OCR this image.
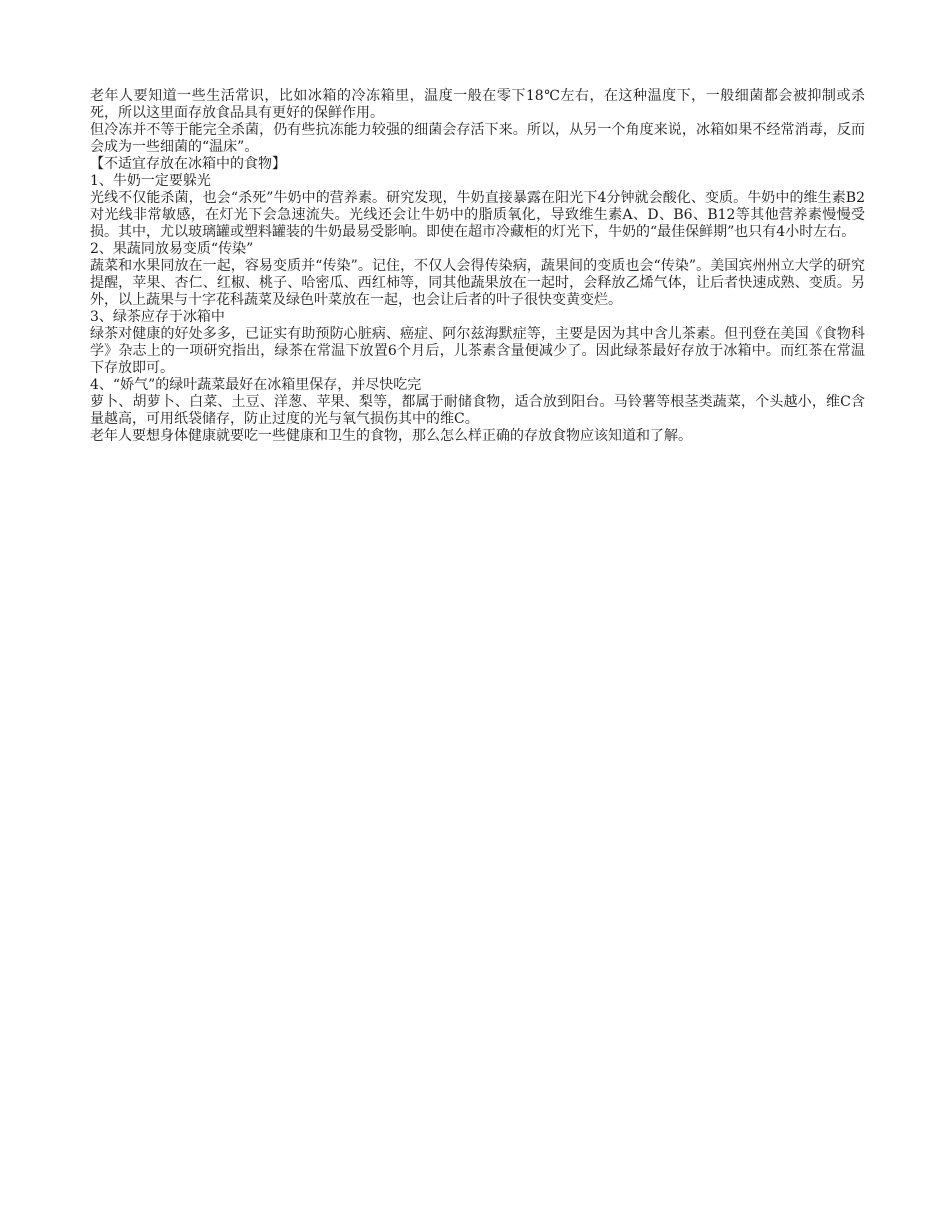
老年人要知道一些生活常识，比如冰箱的冷冻箱里，温度一般在零下18℃左右，在这种温度下，一般细菌都会被抑制或杀死，所以这里面存放食品具有更好的保鲜作用。

但冷冻并不等于能完全杀菌，仍有些抗冻能力较强的细菌会存活下来。所以，从另一个角度来说，冰箱如果不经常消毒，反而会成为一些细菌的“温床”。

【不适宜存放在冰箱中的食物】

1、牛奶一定要躲光

光线不仅能杀菌，也会“杀死”牛奶中的营养素。研究发现，牛奶直接暴露在阳光下4分钟就会酸化、变质。牛奶中的维生素B2对光线非常敏感，在灯光下会急速流失。光线还会让牛奶中的脂质氧化，导致维生素A、D、B6、B12等其他营养素慢慢受损。其中，尤以玻璃罐或塑料罐装的牛奶最易受影响。即使在超市冷藏柜的灯光下，牛奶的“最佳保鲜期”也只有4小时左右。

2、果蔬同放易变质“传染”

蔬菜和水果同放在一起，容易变质并“传染”。记住，不仅人会得传染病，蔬果间的变质也会“传染”。美国宾州州立大学的研究提醒，苹果、杏仁、红椒、桃子、哈密瓜、西红柿等，同其他蔬果放在一起时，会释放乙烯气体，让后者快速成熟、变质。另外，以上蔬果与十字花科蔬菜及绿色叶菜放在一起，也会让后者的叶子很快变黄变烂。

3、绿茶应存于冰箱中

绿茶对健康的好处多多，已证实有助预防心脏病、癌症、阿尔兹海默症等，主要是因为其中含儿茶素。但刊登在美国《食物科学》杂志上的一项研究指出，绿茶在常温下放置6个月后，儿茶素含量便减少了。因此绿茶最好存放于冰箱中。而红茶在常温下存放即可。

4、“娇气”的绿叶蔬菜最好在冰箱里保存，并尽快吃完

萝卜、胡萝卜、白菜、土豆、洋葱、苹果、梨等，都属于耐储食物，适合放到阳台。马铃薯等根茎类蔬菜，个头越小，维C含量越高，可用纸袋储存，防止过度的光与氧气损伤其中的维C。

老年人要想身体健康就要吃一些健康和卫生的食物，那么怎么样正确的存放食物应该知道和了解。
